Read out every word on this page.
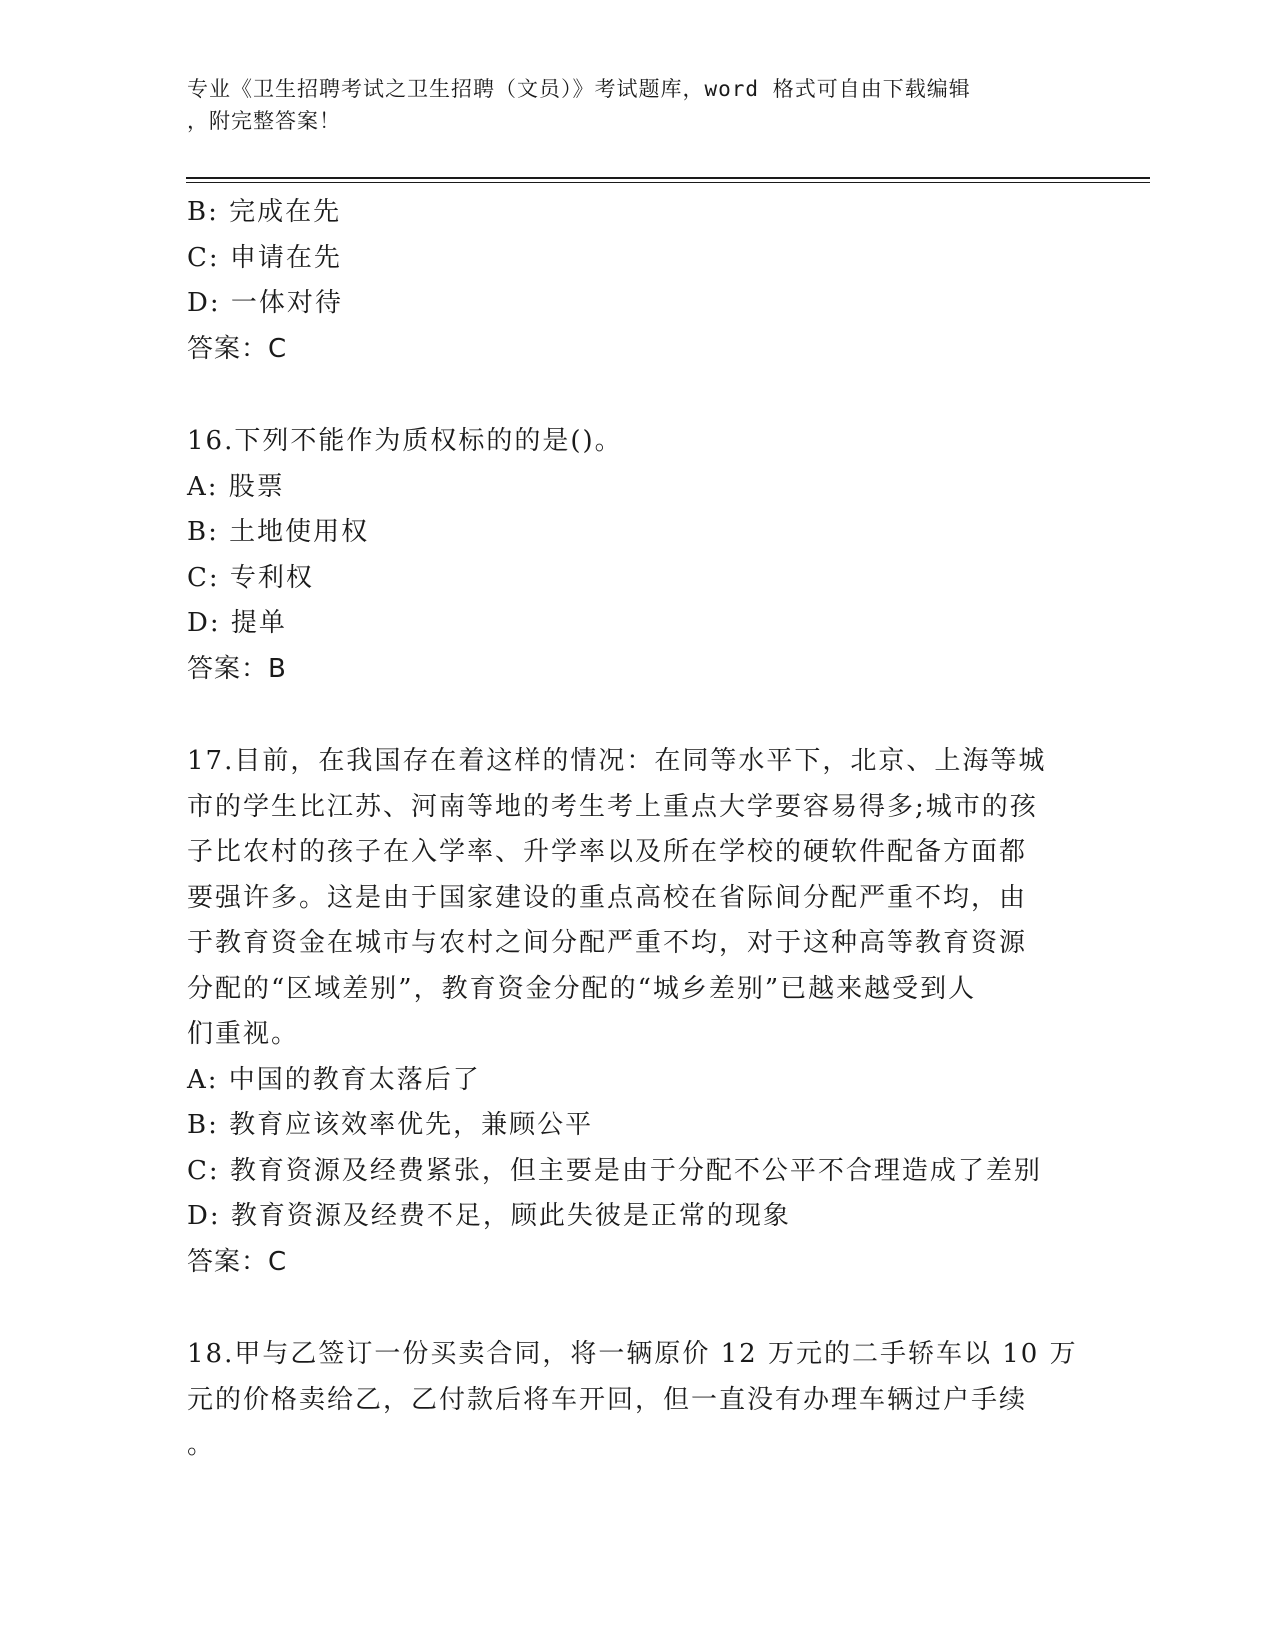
专业《卫生招聘考试之卫生招聘（文员）》考试题库，word 格式可自由下载编辑
，附完整答案！
B: 完成在先
C: 申请在先
D: 一体对待
答案：C
16.下列不能作为质权标的的是()。
A: 股票
B: 土地使用权
C: 专利权
D: 提单
答案：B
17.目前，在我国存在着这样的情况：在同等水平下，北京、上海等城
市的学生比江苏、河南等地的考生考上重点大学要容易得多;城市的孩
子比农村的孩子在入学率、升学率以及所在学校的硬软件配备方面都
要强许多。这是由于国家建设的重点高校在省际间分配严重不均，由
于教育资金在城市与农村之间分配严重不均，对于这种高等教育资源
分配的“区域差别”，教育资金分配的“城乡差别”已越来越受到人
们重视。
A: 中国的教育太落后了
B: 教育应该效率优先，兼顾公平
C: 教育资源及经费紧张，但主要是由于分配不公平不合理造成了差别
D: 教育资源及经费不足，顾此失彼是正常的现象
答案：C
18.甲与乙签订一份买卖合同，将一辆原价 12 万元的二手轿车以 10 万
元的价格卖给乙，乙付款后将车开回，但一直没有办理车辆过户手续
。
